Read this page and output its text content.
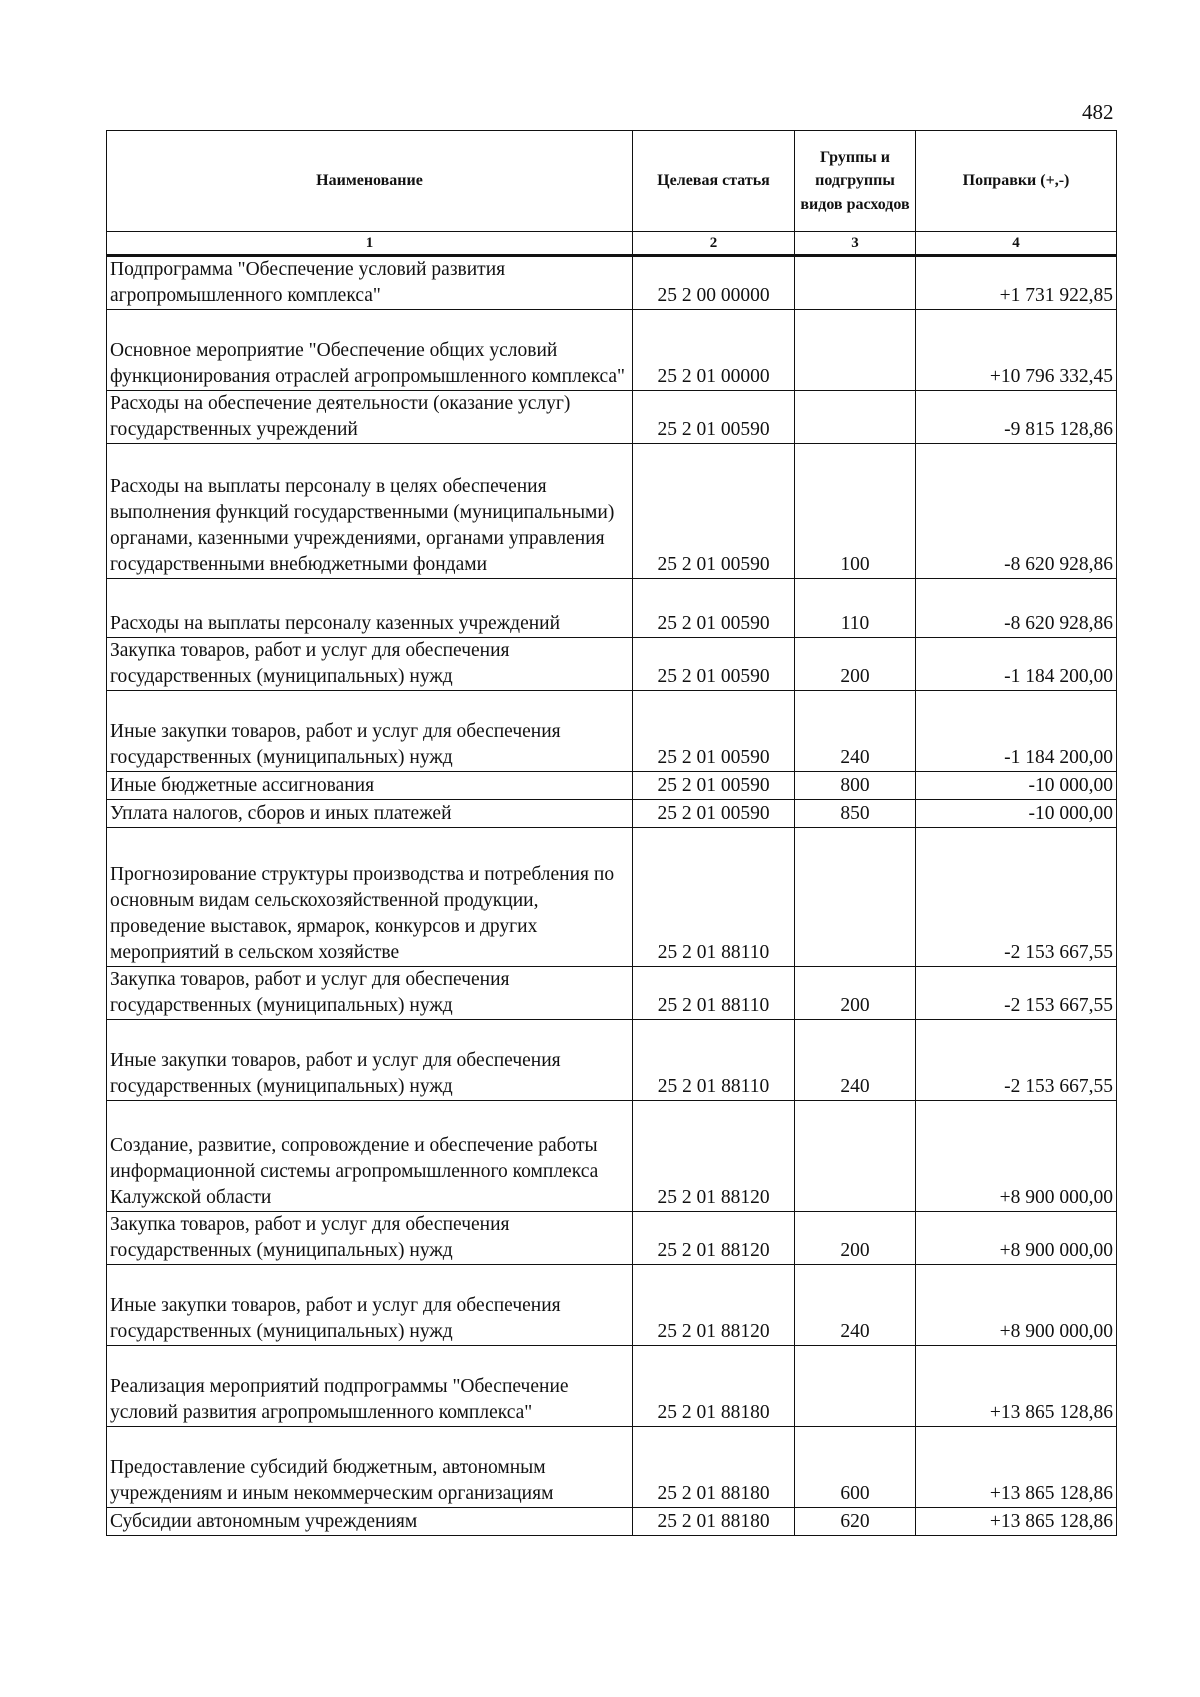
482
Наименование	Целевая статья	Группы и подгруппы видов расходов	Поправки (+,-)
1	2	3	4
Подпрограмма "Обеспечение условий развития агропромышленного комплекса"	25 2 00 00000		+1 731 922,85
Основное мероприятие "Обеспечение общих условий функционирования отраслей агропромышленного комплекса"	25 2 01 00000		+10 796 332,45
Расходы на обеспечение деятельности (оказание услуг) государственных учреждений	25 2 01 00590		-9 815 128,86
Расходы на выплаты персоналу в целях обеспечения выполнения функций государственными (муниципальными) органами, казенными учреждениями, органами управления государственными внебюджетными фондами	25 2 01 00590	100	-8 620 928,86
Расходы на выплаты персоналу казенных учреждений	25 2 01 00590	110	-8 620 928,86
Закупка товаров, работ и услуг для обеспечения государственных (муниципальных) нужд	25 2 01 00590	200	-1 184 200,00
Иные закупки товаров, работ и услуг для обеспечения государственных (муниципальных) нужд	25 2 01 00590	240	-1 184 200,00
Иные бюджетные ассигнования	25 2 01 00590	800	-10 000,00
Уплата налогов, сборов и иных платежей	25 2 01 00590	850	-10 000,00
Прогнозирование структуры производства и потребления по основным видам сельскохозяйственной продукции, проведение выставок, ярмарок, конкурсов и других мероприятий в сельском хозяйстве	25 2 01 88110		-2 153 667,55
Закупка товаров, работ и услуг для обеспечения государственных (муниципальных) нужд	25 2 01 88110	200	-2 153 667,55
Иные закупки товаров, работ и услуг для обеспечения государственных (муниципальных) нужд	25 2 01 88110	240	-2 153 667,55
Создание, развитие, сопровождение и обеспечение работы информационной системы агропромышленного комплекса Калужской области	25 2 01 88120		+8 900 000,00
Закупка товаров, работ и услуг для обеспечения государственных (муниципальных) нужд	25 2 01 88120	200	+8 900 000,00
Иные закупки товаров, работ и услуг для обеспечения государственных (муниципальных) нужд	25 2 01 88120	240	+8 900 000,00
Реализация мероприятий подпрограммы "Обеспечение условий развития агропромышленного комплекса"	25 2 01 88180		+13 865 128,86
Предоставление субсидий бюджетным, автономным учреждениям и иным некоммерческим организациям	25 2 01 88180	600	+13 865 128,86
Субсидии автономным учреждениям	25 2 01 88180	620	+13 865 128,86
